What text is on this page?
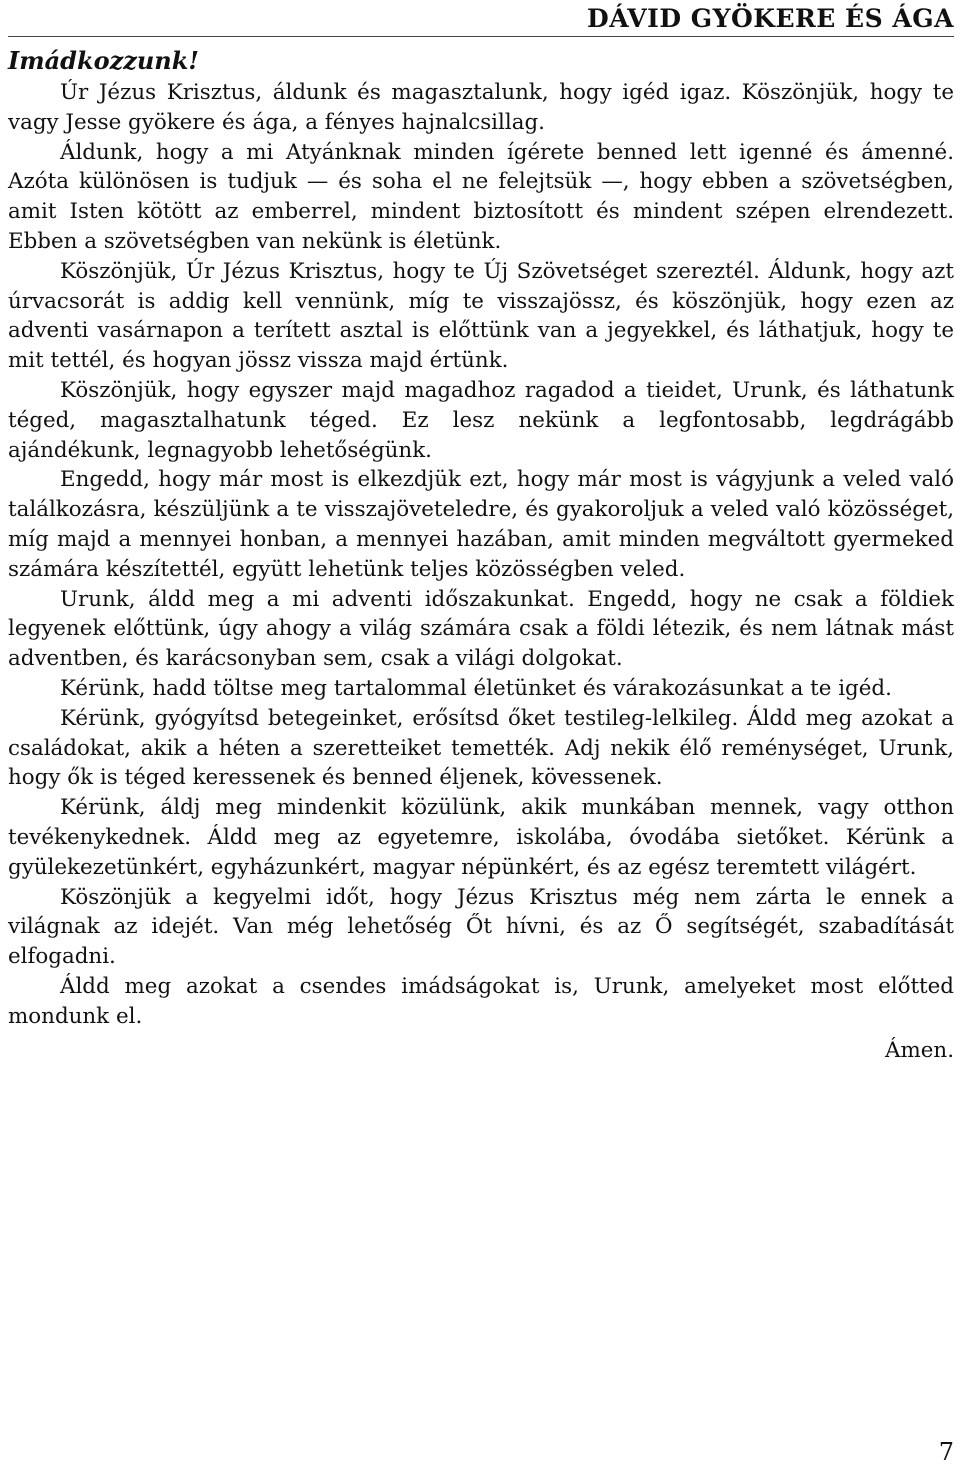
DÁVID GYÖKERE ÉS ÁGA
Imádkozzunk!

Úr Jézus Krisztus, áldunk és magasztalunk, hogy igéd igaz. Köszönjük, hogy te vagy Jesse gyökere és ága, a fényes hajnalcsillag.

Áldunk, hogy a mi Atyánknak minden ígérete benned lett igenné és ámenné. Azóta különösen is tudjuk — és soha el ne felejtsük —, hogy ebben a szövetségben, amit Isten kötött az emberrel, mindent biztosított és mindent szépen elrendezett. Ebben a szövetségben van nekünk is életünk.

Köszönjük, Úr Jézus Krisztus, hogy te Új Szövetséget szereztél. Áldunk, hogy azt úrvacsorát is addig kell vennünk, míg te visszajössz, és köszönjük, hogy ezen az adventi vasárnapon a terített asztal is előttünk van a jegyekkel, és láthatjuk, hogy te mit tettél, és hogyan jössz vissza majd értünk.

Köszönjük, hogy egyszer majd magadhoz ragadod a tieidet, Urunk, és láthatunk téged, magasztalhatunk téged. Ez lesz nekünk a legfontosabb, legdrágább ajándékunk, legnagyobb lehetőségünk.

Engedd, hogy már most is elkezdjük ezt, hogy már most is vágyjunk a veled való találkozásra, készüljünk a te visszajöveteledre, és gyakoroljuk a veled való közösséget, míg majd a mennyei honban, a mennyei hazában, amit minden megváltott gyermeked számára készítettél, együtt lehetünk teljes közösségben veled.

Urunk, áldd meg a mi adventi időszakunkat. Engedd, hogy ne csak a földiek legyenek előttünk, úgy ahogy a világ számára csak a földi létezik, és nem látnak mást adventben, és karácsonyban sem, csak a világi dolgokat.

Kérünk, hadd töltse meg tartalommal életünket és várakozásunkat a te igéd.

Kérünk, gyógyítsd betegeinket, erősítsd őket testileg-lelkileg. Áldd meg azokat a családokat, akik a héten a szeretteiket temették. Adj nekik élő reménységet, Urunk, hogy ők is téged keressenek és benned éljenek, kövessenek.

Kérünk, áldj meg mindenkit közülünk, akik munkában mennek, vagy otthon tevékenykednek. Áldd meg az egyetemre, iskolába, óvodába sietőket. Kérünk a gyülekezetünkért, egyházunkért, magyar népünkért, és az egész teremtett világért.

Köszönjük a kegyelmi időt, hogy Jézus Krisztus még nem zárta le ennek a világnak az idejét. Van még lehetőség Őt hívni, és az Ő segítségét, szabadítását elfogadni.

Áldd meg azokat a csendes imádságokat is, Urunk, amelyeket most előtted mondunk el.

Ámen.

7
